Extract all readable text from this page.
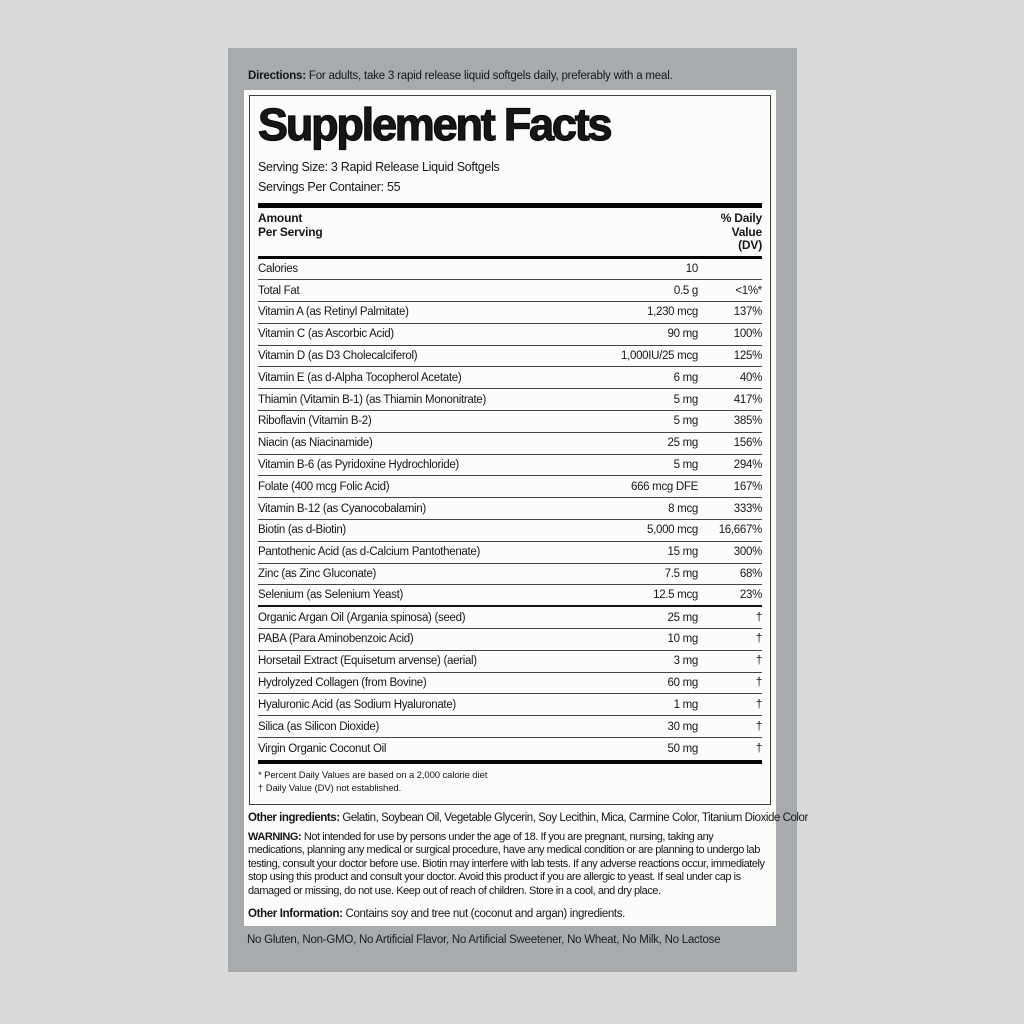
Directions: For adults, take 3 rapid release liquid softgels daily, preferably with a meal.

Supplement Facts
Serving Size: 3 Rapid Release Liquid Softgels
Servings Per Container: 55
Amount
Per Serving
% Daily
Value
(DV)
Calories	10
Total Fat	0.5 g	<1%*
Vitamin A (as Retinyl Palmitate)	1,230 mcg	137%
Vitamin C (as Ascorbic Acid)	90 mg	100%
Vitamin D (as D3 Cholecalciferol)	1,000IU/25 mcg	125%
Vitamin E (as d-Alpha Tocopherol Acetate)	6 mg	40%
Thiamin (Vitamin B-1) (as Thiamin Mononitrate)	5 mg	417%
Riboflavin (Vitamin B-2)	5 mg	385%
Niacin (as Niacinamide)	25 mg	156%
Vitamin B-6 (as Pyridoxine Hydrochloride)	5 mg	294%
Folate (400 mcg Folic Acid)	666 mcg DFE	167%
Vitamin B-12 (as Cyanocobalamin)	8 mcg	333%
Biotin (as d-Biotin)	5,000 mcg	16,667%
Pantothenic Acid (as d-Calcium Pantothenate)	15 mg	300%
Zinc (as Zinc Gluconate)	7.5 mg	68%
Selenium (as Selenium Yeast)	12.5 mcg	23%
Organic Argan Oil (Argania spinosa) (seed)	25 mg	†
PABA (Para Aminobenzoic Acid)	10 mg	†
Horsetail Extract (Equisetum arvense) (aerial)	3 mg	†
Hydrolyzed Collagen (from Bovine)	60 mg	†
Hyaluronic Acid (as Sodium Hyaluronate)	1 mg	†
Silica (as Silicon Dioxide)	30 mg	†
Virgin Organic Coconut Oil	50 mg	†
* Percent Daily Values are based on a 2,000 calorie diet
† Daily Value (DV) not established.

Other ingredients: Gelatin, Soybean Oil, Vegetable Glycerin, Soy Lecithin, Mica, Carmine Color, Titanium Dioxide Color

WARNING: Not intended for use by persons under the age of 18. If you are pregnant, nursing, taking any medications, planning any medical or surgical procedure, have any medical condition or are planning to undergo lab testing, consult your doctor before use. Biotin may interfere with lab tests. If any adverse reactions occur, immediately stop using this product and consult your doctor. Avoid this product if you are allergic to yeast. If seal under cap is damaged or missing, do not use. Keep out of reach of children. Store in a cool, and dry place.

Other Information: Contains soy and tree nut (coconut and argan) ingredients.

No Gluten, Non-GMO, No Artificial Flavor, No Artificial Sweetener, No Wheat, No Milk, No Lactose
